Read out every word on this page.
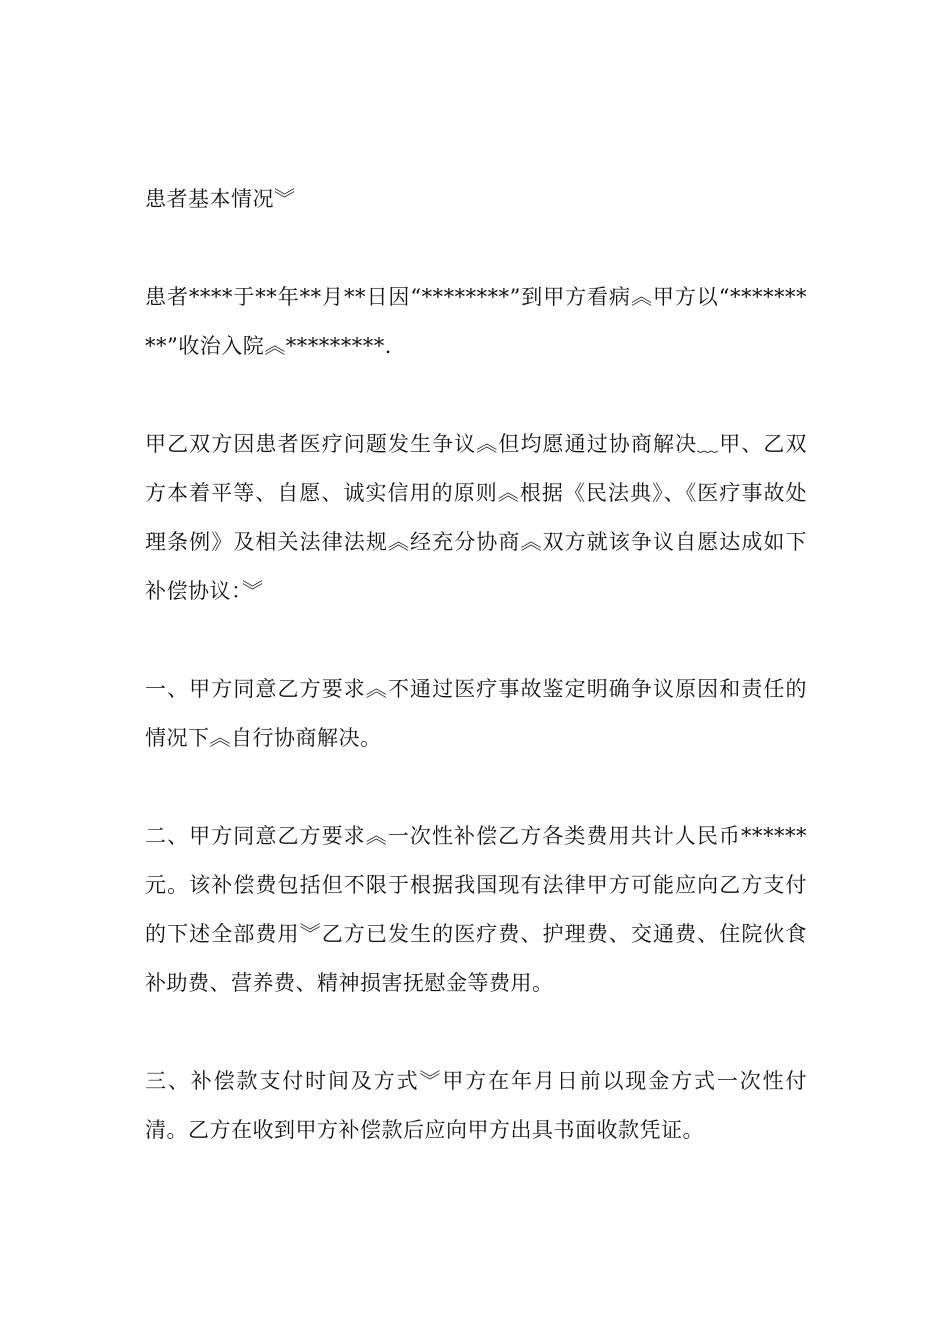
患者基本情况︾

患者****于**年**月**日因“********”到甲方看病︽甲方以“*********”收治入院︽*********.

甲乙双方因患者医疗问题发生争议︽但均愿通过协商解决﹏甲、乙双方本着平等、自愿、诚实信用的原则︽根据《民法典》、《医疗事故处理条例》及相关法律法规︽经充分协商︽双方就该争议自愿达成如下补偿协议：︾

一、甲方同意乙方要求︽不通过医疗事故鉴定明确争议原因和责任的情况下︽自行协商解决。

二、甲方同意乙方要求︽一次性补偿乙方各类费用共计人民币******元。该补偿费包括但不限于根据我国现有法律甲方可能应向乙方支付的下述全部费用︾乙方已发生的医疗费、护理费、交通费、住院伙食补助费、营养费、精神损害抚慰金等费用。

三、补偿款支付时间及方式︾甲方在年月日前以现金方式一次性付清。乙方在收到甲方补偿款后应向甲方出具书面收款凭证。
